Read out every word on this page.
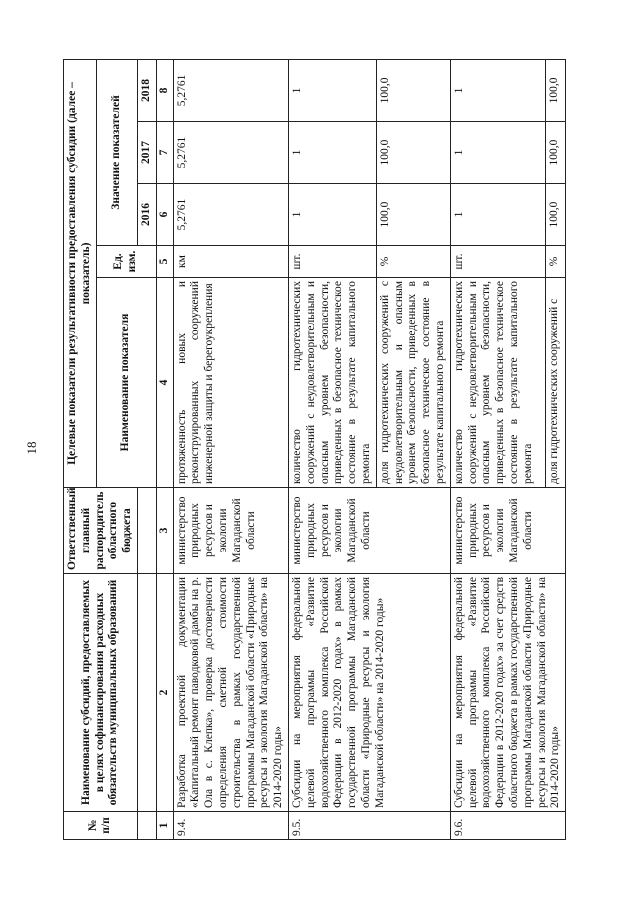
18
№ п/п	Наименование субсидий, предоставляемых в целях софинансирования расходных обязательств муниципальных образований	Ответственный главный распорядитель областного бюджета	Целевые показатели результативности предоставления субсидии (далее – показатель)				
			Наименование показателя	Ед. изм.	Значение показателей		
					2016	2017	2018
1	2	3	4	5	6	7	8
9.4.	Разработка проектной документации «Капитальный ремонт паводковой дамбы на р. Ола в с. Клепка», проверка достоверности определения сметной стоимости строительства в рамках государственной программы Магаданской области «Природные ресурсы и экология Магаданской области» на 2014-2020 годы»	министерство природных ресурсов и экологии Магаданской области	протяженность новых и реконструированных сооружений инженерной защиты и берегоукрепления	км	5,2761	5,2761	5,2761
9.5.	Субсидии на мероприятия федеральной целевой программы «Развитие водохозяйственного комплекса Российской Федерации в 2012-2020 годах» в рамках государственной программы Магаданской области «Природные ресурсы и экология Магаданской области» на 2014-2020 годы»	министерство природных ресурсов и экологии Магаданской области	количество гидротехнических сооружений с неудовлетворительным и опасным уровнем безопасности, приведенных в безопасное техническое состояние в результате капитального ремонта	шт.	1	1	1
			доля гидротехнических сооружений с неудовлетворительным и опасным уровнем безопасности, приведенных в безопасное техническое состояние в результате капитального ремонта	%	100,0	100,0	100,0
9.6.	Субсидии на мероприятия федеральной целевой программы «Развитие водохозяйственного комплекса Российской Федерации в 2012-2020 годах» за счет средств областного бюджета в рамках государственной программы Магаданской области «Природные ресурсы и экология Магаданской области» на 2014-2020 годы»	министерство природных ресурсов и экологии Магаданской области	количество гидротехнических сооружений с неудовлетворительным и опасным уровнем безопасности, приведенных в безопасное техническое состояние в результате капитального ремонта	шт.	1	1	1
			доля гидротехнических сооружений с	%	100,0	100,0	100,0
